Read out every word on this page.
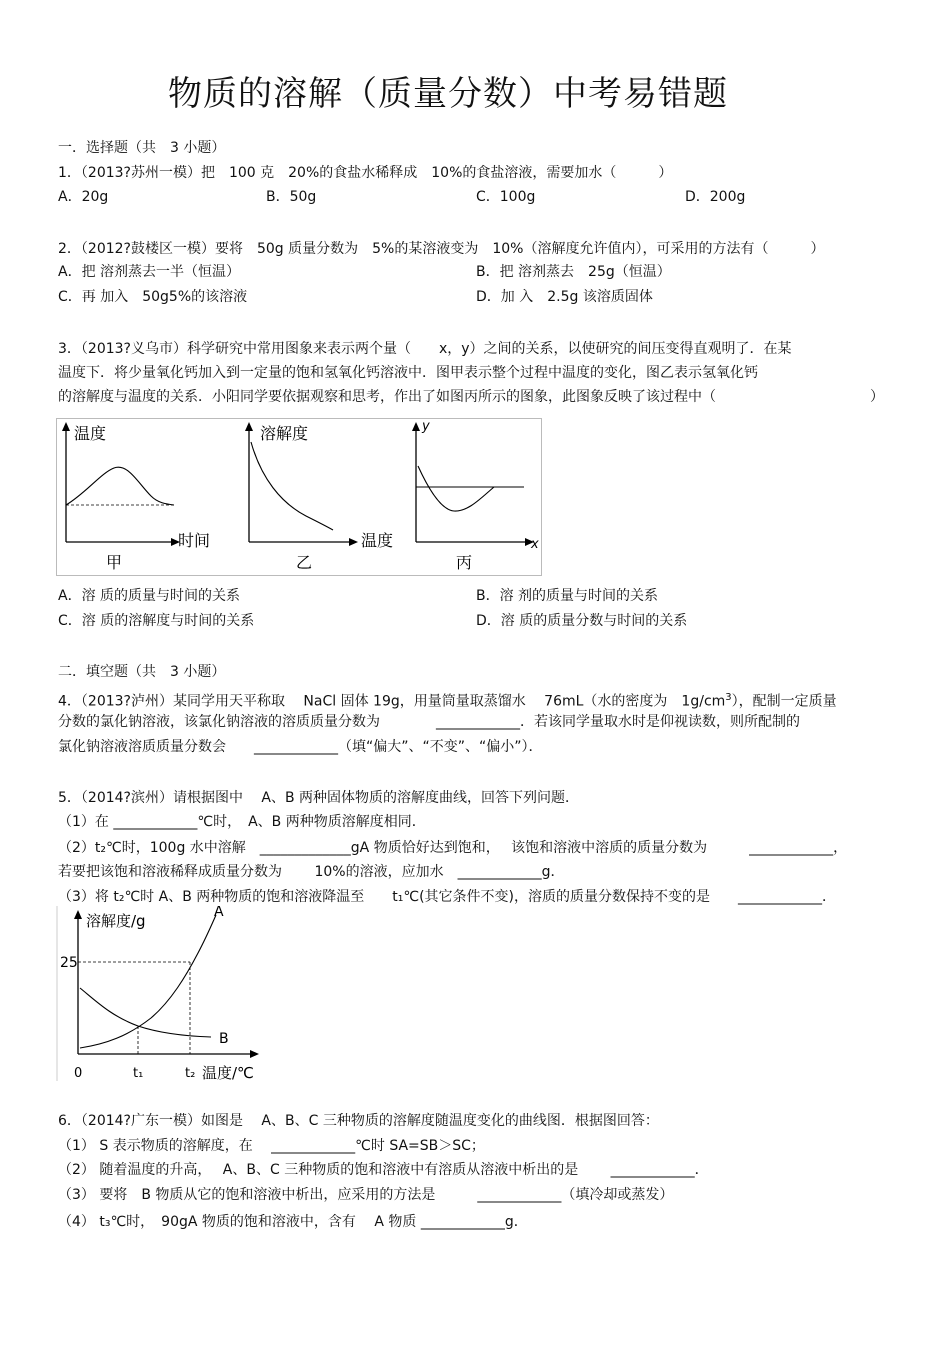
物质的溶解（质量分数）中考易错题
一．选择题（共　3 小题）
1．（2013?苏州一模）把　100 克　20%的食盐水稀释成　10%的食盐溶液，需要加水（　　　）
A．20g	B．50g	C．100g	D．200g
2．（2012?鼓楼区一模）要将　50g 质量分数为　5%的某溶液变为　10%（溶解度允许值内），可采用的方法有（　　　）
A．把 溶剂蒸去一半（恒温）	B．把 溶剂蒸去　25g（恒温）
C．再 加入　50g5%的该溶液	D．加 入　2.5g 该溶质固体
3．（2013?义乌市）科学研究中常用图象来表示两个量（　　x，y）之间的关系，以使研究的间压变得直观明了．在某
温度下．将少量氧化钙加入到一定量的饱和氢氧化钙溶液中．图甲表示整个过程中温度的变化，图乙表示氢氧化钙
的溶解度与温度的关系．小阳同学要依据观察和思考，作出了如图丙所示的图象，此图象反映了该过程中（　　　　　　　　　　　）
温度
时间
甲
溶解度
温度
乙
y
x
丙
A．溶 质的质量与时间的关系	B．溶 剂的质量与时间的关系
C．溶 质的溶解度与时间的关系	D．溶 质的质量分数与时间的关系
二．填空题（共　3 小题）
4．（2013?泸州）某同学用天平称取　 NaCl 固体 19g，用量筒量取蒸馏水　 76mL（水的密度为　$1g/cm^3$），配制一定质量
分数的氯化钠溶液，该氯化钠溶液的溶质质量分数为　　　　____________．若该同学量取水时是仰视读数，则所配制的
氯化钠溶液溶质质量分数会　　____________（填“偏大”、“不变”、“偏小”）．
5．（2014?滨州）请根据图中　 A、B 两种固体物质的溶解度曲线，回答下列问题．
（1）在 ____________℃时，　A、B 两种物质溶解度相同．
（2）t₂℃时，100g 水中溶解　_____________gA 物质恰好达到饱和，　 该饱和溶液中溶质的质量分数为　　　____________，
若要把该饱和溶液稀释成质量分数为　　 10%的溶液，应加水　____________g．
（3）将 t₂℃时 A、B 两种物质的饱和溶液降温至　　t₁℃(其它条件不变)，溶质的质量分数保持不变的是　　____________．
溶解度/g
25
A
B
0	t₁	t₂ 温度/℃
6．（2014?广东一模）如图是　 A、B、C 三种物质的溶解度随温度变化的曲线图．根据图回答：
（1） S 表示物质的溶解度，在　 ____________℃时 SA=SB＞SC；
（2） 随着温度的升高，　 A、B、C 三种物质的饱和溶液中有溶质从溶液中析出的是　　 ____________．
（3） 要将　B 物质从它的饱和溶液中析出，应采用的方法是　　　____________（填冷却或蒸发）
（4） t₃℃时，　90gA 物质的饱和溶液中，含有　 A 物质 ____________g．
